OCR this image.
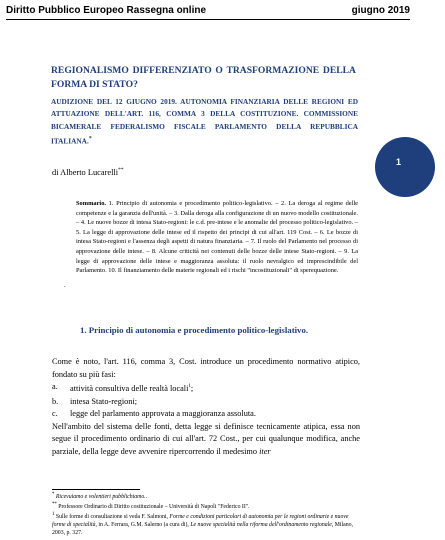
Diritto Pubblico Europeo Rassegna online	giugno 2019
REGIONALISMO DIFFERENZIATO O TRASFORMAZIONE DELLA FORMA DI STATO?
AUDIZIONE DEL 12 GIUGNO 2019. AUTONOMIA FINANZIARIA DELLE REGIONI ED ATTUAZIONE DELL'ART. 116, COMMA 3 DELLA COSTITUZIONE. COMMISSIONE BICAMERALE FEDERALISMO FISCALE PARLAMENTO DELLA REPUBBLICA ITALIANA.*
1
di Alberto Lucarelli**
Sommario. 1. Principio di autonomia e procedimento politico-legislativo. – 2. La deroga al regime delle competenze e la garanzia dell'unità. – 3. Dalla deroga alla configurazione di un nuovo modello costituzionale. – 4. Le nuove bozze di intesa Stato-regioni: le c.d. pre-intese e le anomalie del processo politico-legislativo. – 5. La legge di approvazione delle intese ed il rispetto dei principi di cui all'art. 119 Cost. – 6. Le bozze di intesa Stato-regioni e l'assenza degli aspetti di natura finanziaria. – 7. Il ruolo del Parlamento nel processo di approvazione delle intese. – 8. Alcune criticità nei contenuti delle bozze delle intese Stato-regioni. – 9. La legge di approvazione delle intese e maggioranza assoluta: il ruolo nevralgico ed imprescindibile del Parlamento. 10. Il finanziamento delle materie regionali ed i rischi "incostituzionali" di sperequazione.
.
1. Principio di autonomia e procedimento politico-legislativo.

Come è noto, l'art. 116, comma 3, Cost. introduce un procedimento normativo atipico, fondato su più fasi:

a.	attività consultiva delle realtà locali$^1$;
b.	intesa Stato-regioni;
c.	legge del parlamento approvata a maggioranza assoluta.

Nell'ambito del sistema delle fonti, detta legge si definisce tecnicamente atipica, essa non segue il procedimento ordinario di cui all'art. 72 Cost., per cui qualunque modifica, anche parziale, della legge deve avvenire ripercorrendo il medesimo iter

* Ricevuiamo e volentieri pubblichiamo..
** Professore Ordinario di Diritto costituzionale – Università di Napoli "Federico II".
$^1$ Sulle forme di consultazione si veda F. Salmoni, Forme e condizioni particolari di autonomia per le regioni ordinarie e nuove forme di specialità, in A. Ferrara, G.M. Salerno (a cura di), Le nuove specialità nella riforma dell'ordinamento regionale, Milano, 2003, p. 327.
